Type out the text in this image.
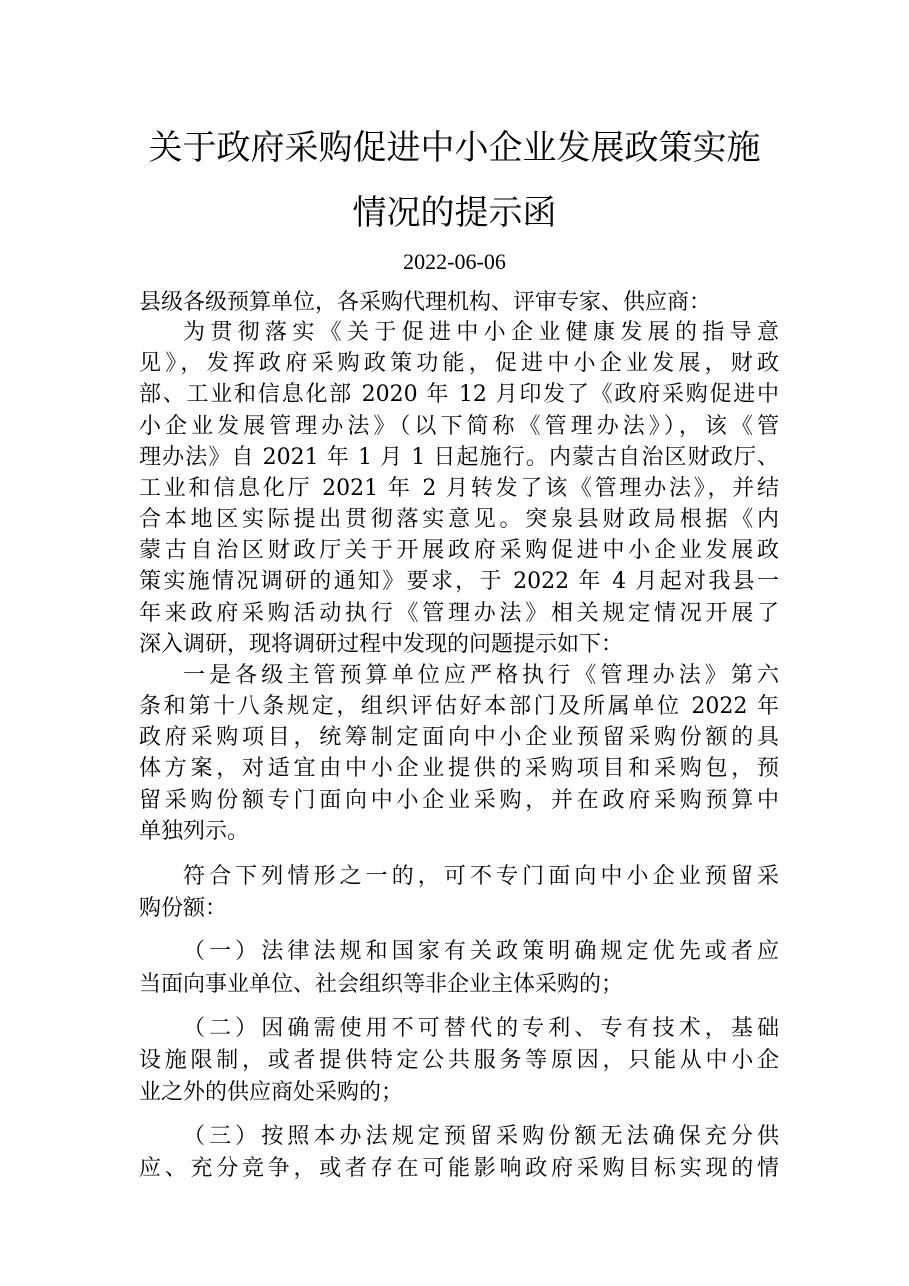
关于政府采购促进中小企业发展政策实施
情况的提示函
2022-06-06
县级各级预算单位，各采购代理机构、评审专家、供应商：
为贯彻落实《关于促进中小企业健康发展的指导意
见》，发挥政府采购政策功能，促进中小企业发展，财政
部、工业和信息化部 2020 年 12 月印发了《政府采购促进中
小企业发展管理办法》（以下简称《管理办法》），该《管
理办法》自 2021 年 1 月 1 日起施行。内蒙古自治区财政厅、
工业和信息化厅 2021 年 2 月转发了该《管理办法》，并结
合本地区实际提出贯彻落实意见。突泉县财政局根据《内
蒙古自治区财政厅关于开展政府采购促进中小企业发展政
策实施情况调研的通知》要求，于 2022 年 4 月起对我县一
年来政府采购活动执行《管理办法》相关规定情况开展了
深入调研，现将调研过程中发现的问题提示如下：
一是各级主管预算单位应严格执行《管理办法》第六
条和第十八条规定，组织评估好本部门及所属单位 2022 年
政府采购项目，统筹制定面向中小企业预留采购份额的具
体方案，对适宜由中小企业提供的采购项目和采购包，预
留采购份额专门面向中小企业采购，并在政府采购预算中
单独列示。
符合下列情形之一的，可不专门面向中小企业预留采
购份额：
（一）法律法规和国家有关政策明确规定优先或者应
当面向事业单位、社会组织等非企业主体采购的；
（二）因确需使用不可替代的专利、专有技术，基础
设施限制，或者提供特定公共服务等原因，只能从中小企
业之外的供应商处采购的；
（三）按照本办法规定预留采购份额无法确保充分供
应、充分竞争，或者存在可能影响政府采购目标实现的情
